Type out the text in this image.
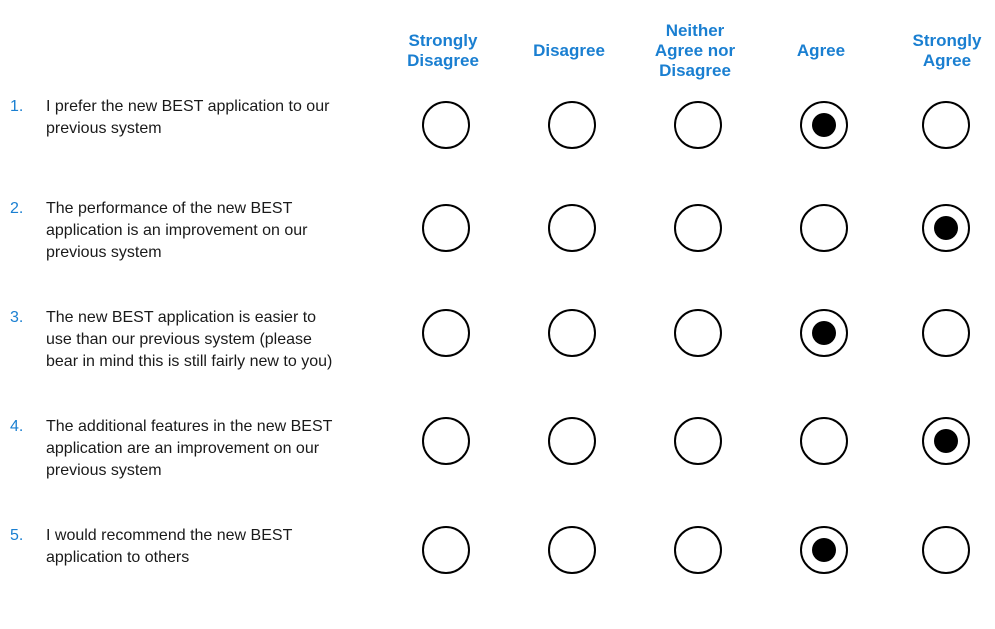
Strongly
Disagree
Disagree
Neither
Agree nor
Disagree
Agree
Strongly
Agree
1. I prefer the new BEST application to our previous system
2. The performance of the new BEST application is an improvement on our previous system
3. The new BEST application is easier to use than our previous system (please bear in mind this is still fairly new to you)
4. The additional features in the new BEST application are an improvement on our previous system
5. I would recommend the new BEST application to others
